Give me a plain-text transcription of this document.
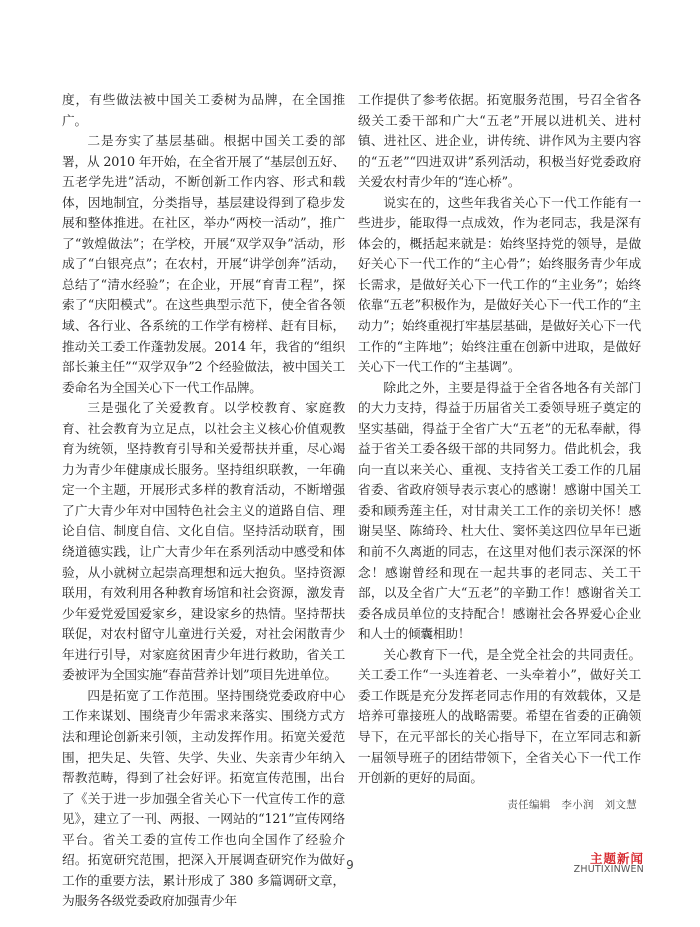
度，有些做法被中国关工委树为品牌，在全国推广。

二是夯实了基层基础。根据中国关工委的部署，从 2010 年开始，在全省开展了“基层创五好、五老学先进”活动，不断创新工作内容、形式和载体，因地制宜，分类指导，基层建设得到了稳步发展和整体推进。在社区，举办“两校一活动”，推广了“敦煌做法”；在学校，开展“双学双争”活动，形成了“白银亮点”；在农村，开展“讲学创奔”活动，总结了“清水经验”；在企业，开展“育青工程”，探索了“庆阳模式”。在这些典型示范下，使全省各领域、各行业、各系统的工作学有榜样、赶有目标，推动关工委工作蓬勃发展。2014 年，我省的“组织部长兼主任”“双学双争”2 个经验做法，被中国关工委命名为全国关心下一代工作品牌。

三是强化了关爱教育。以学校教育、家庭教育、社会教育为立足点，以社会主义核心价值观教育为统领，坚持教育引导和关爱帮扶并重，尽心竭力为青少年健康成长服务。坚持组织联教，一年确定一个主题，开展形式多样的教育活动，不断增强了广大青少年对中国特色社会主义的道路自信、理论自信、制度自信、文化自信。坚持活动联育，围绕道德实践，让广大青少年在系列活动中感受和体验，从小就树立起崇高理想和远大抱负。坚持资源联用，有效利用各种教育场馆和社会资源，激发青少年爱党爱国爱家乡，建设家乡的热情。坚持帮扶联促，对农村留守儿童进行关爱，对社会闲散青少年进行引导，对家庭贫困青少年进行救助，省关工委被评为全国实施“春苗营养计划”项目先进单位。

四是拓宽了工作范围。坚持围绕党委政府中心工作来谋划、围绕青少年需求来落实、围绕方式方法和理论创新来引领，主动发挥作用。拓宽关爱范围，把失足、失管、失学、失业、失亲青少年纳入帮教范畴，得到了社会好评。拓宽宣传范围，出台了《关于进一步加强全省关心下一代宣传工作的意见》，建立了一刊、两报、一网站的“121”宣传网络平台。省关工委的宣传工作也向全国作了经验介绍。拓宽研究范围，把深入开展调查研究作为做好工作的重要方法，累计形成了 380 多篇调研文章，为服务各级党委政府加强青少年

工作提供了参考依据。拓宽服务范围，号召全省各级关工委干部和广大“五老”开展以进机关、进村镇、进社区、进企业，讲传统、讲作风为主要内容的“五老”“四进双讲”系列活动，积极当好党委政府关爱农村青少年的“连心桥”。

说实在的，这些年我省关心下一代工作能有一些进步，能取得一点成效，作为老同志，我是深有体会的，概括起来就是：始终坚持党的领导，是做好关心下一代工作的“主心骨”；始终服务青少年成长需求，是做好关心下一代工作的“主业务”；始终依靠“五老”积极作为，是做好关心下一代工作的“主动力”；始终重视打牢基层基础，是做好关心下一代工作的“主阵地”；始终注重在创新中进取，是做好关心下一代工作的“主基调”。

除此之外，主要是得益于全省各地各有关部门的大力支持，得益于历届省关工委领导班子奠定的坚实基础，得益于全省广大“五老”的无私奉献，得益于省关工委各级干部的共同努力。借此机会，我向一直以来关心、重视、支持省关工委工作的几届省委、省政府领导表示衷心的感谢！感谢中国关工委和顾秀莲主任，对甘肃关工工作的亲切关怀！感谢吴坚、陈绮玲、杜大仕、窦怀美这四位早年已逝和前不久离逝的同志，在这里对他们表示深深的怀念！感谢曾经和现在一起共事的老同志、关工干部，以及全省广大“五老”的辛勤工作！感谢省关工委各成员单位的支持配合！感谢社会各界爱心企业和人士的倾囊相助！

关心教育下一代，是全党全社会的共同责任。关工委工作“一头连着老、一头牵着小”，做好关工委工作既是充分发挥老同志作用的有效载体，又是培养可靠接班人的战略需要。希望在省委的正确领导下，在元平部长的关心指导下，在立军同志和新一届领导班子的团结带领下，全省关心下一代工作开创新的更好的局面。

责任编辑　 李小润　刘文慧
9	主题新闻
ZHUTIXINWEN
